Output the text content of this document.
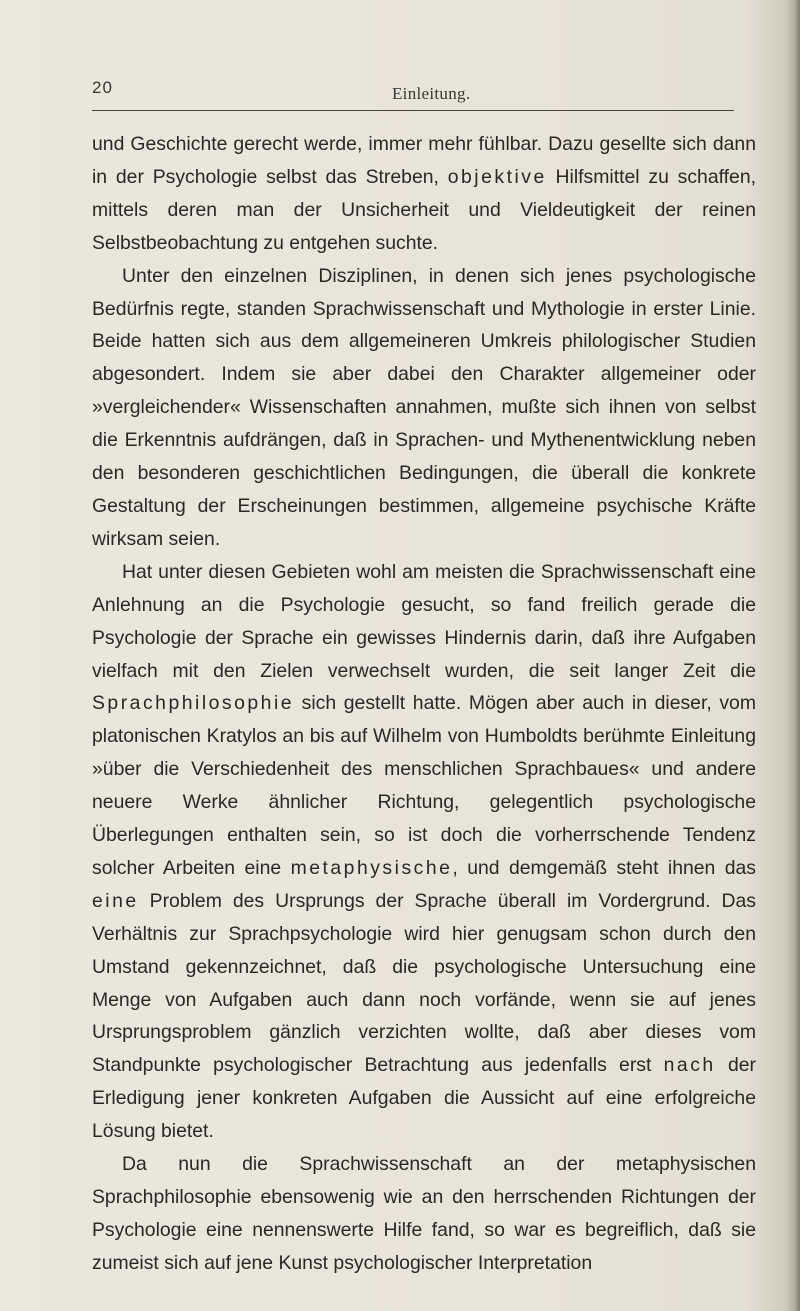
20	Einleitung.

und Geschichte gerecht werde, immer mehr fühlbar. Dazu gesellte sich dann in der Psychologie selbst das Streben, objektive Hilfsmittel zu schaffen, mittels deren man der Unsicherheit und Vieldeutigkeit der reinen Selbstbeobachtung zu entgehen suchte.

Unter den einzelnen Disziplinen, in denen sich jenes psychologische Bedürfnis regte, standen Sprachwissenschaft und Mythologie in erster Linie. Beide hatten sich aus dem allgemeineren Umkreis philologischer Studien abgesondert. Indem sie aber dabei den Charakter allgemeiner oder »vergleichender« Wissenschaften annahmen, mußte sich ihnen von selbst die Erkenntnis aufdrängen, daß in Sprachen- und Mythenentwicklung neben den besonderen geschichtlichen Bedingungen, die überall die konkrete Gestaltung der Erscheinungen bestimmen, allgemeine psychische Kräfte wirksam seien.

Hat unter diesen Gebieten wohl am meisten die Sprachwissenschaft eine Anlehnung an die Psychologie gesucht, so fand freilich gerade die Psychologie der Sprache ein gewisses Hindernis darin, daß ihre Aufgaben vielfach mit den Zielen verwechselt wurden, die seit langer Zeit die Sprachphilosophie sich gestellt hatte. Mögen aber auch in dieser, vom platonischen Kratylos an bis auf Wilhelm von Humboldts berühmte Einleitung »über die Verschiedenheit des menschlichen Sprachbaues« und andere neuere Werke ähnlicher Richtung, gelegentlich psychologische Überlegungen enthalten sein, so ist doch die vorherrschende Tendenz solcher Arbeiten eine metaphysische, und demgemäß steht ihnen das eine Problem des Ursprungs der Sprache überall im Vordergrund. Das Verhältnis zur Sprachpsychologie wird hier genugsam schon durch den Umstand gekennzeichnet, daß die psychologische Untersuchung eine Menge von Aufgaben auch dann noch vorfände, wenn sie auf jenes Ursprungsproblem gänzlich verzichten wollte, daß aber dieses vom Standpunkte psychologischer Betrachtung aus jedenfalls erst nach der Erledigung jener konkreten Aufgaben die Aussicht auf eine erfolgreiche Lösung bietet.

Da nun die Sprachwissenschaft an der metaphysischen Sprachphilosophie ebensowenig wie an den herrschenden Richtungen der Psychologie eine nennenswerte Hilfe fand, so war es begreiflich, daß sie zumeist sich auf jene Kunst psychologischer Interpretation
